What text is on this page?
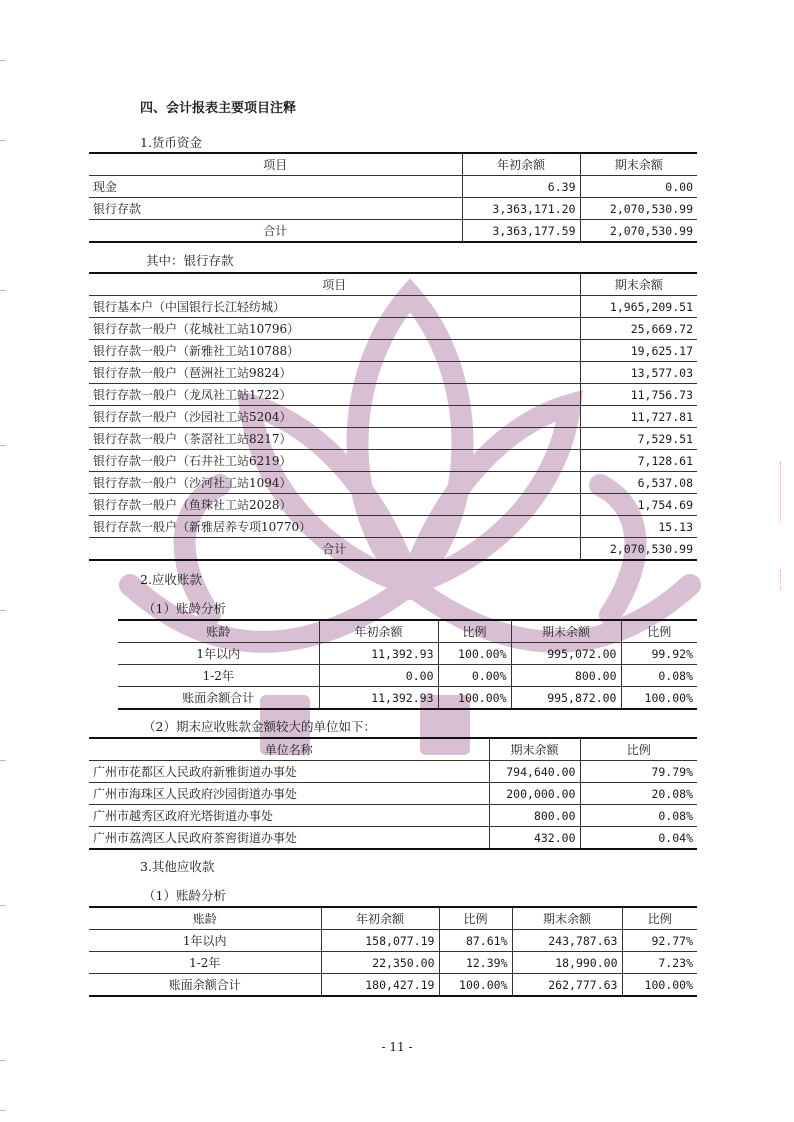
四、会计报表主要项目注释
1.货币资金
项目	年初余额	期末余额
现金	6.39	0.00
银行存款	3,363,171.20	2,070,530.99
合计	3,363,177.59	2,070,530.99
其中：银行存款
项目	期末余额
银行基本户（中国银行长江轻纺城）	1,965,209.51
银行存款一般户（花城社工站10796）	25,669.72
银行存款一般户（新雅社工站10788）	19,625.17
银行存款一般户（琶洲社工站9824）	13,577.03
银行存款一般户（龙凤社工站1722）	11,756.73
银行存款一般户（沙园社工站5204）	11,727.81
银行存款一般户（茶滘社工站8217）	7,529.51
银行存款一般户（石井社工站6219）	7,128.61
银行存款一般户（沙河社工站1094）	6,537.08
银行存款一般户（鱼珠社工站2028）	1,754.69
银行存款一般户（新雅居养专项10770）	15.13
合计	2,070,530.99
2.应收账款
（1）账龄分析
账龄	年初余额	比例	期末余额	比例
1年以内	11,392.93	100.00%	995,072.00	99.92%
1-2年	0.00	0.00%	800.00	0.08%
账面余额合计	11,392.93	100.00%	995,872.00	100.00%
（2）期末应收账款金额较大的单位如下：
单位名称	期末余额	比例
广州市花都区人民政府新雅街道办事处	794,640.00	79.79%
广州市海珠区人民政府沙园街道办事处	200,000.00	20.08%
广州市越秀区政府光塔街道办事处	800.00	0.08%
广州市荔湾区人民政府茶窖街道办事处	432.00	0.04%
3.其他应收款
（1）账龄分析
账龄	年初余额	比例	期末余额	比例
1年以内	158,077.19	87.61%	243,787.63	92.77%
1-2年	22,350.00	12.39%	18,990.00	7.23%
账面余额合计	180,427.19	100.00%	262,777.63	100.00%
- 11 -
